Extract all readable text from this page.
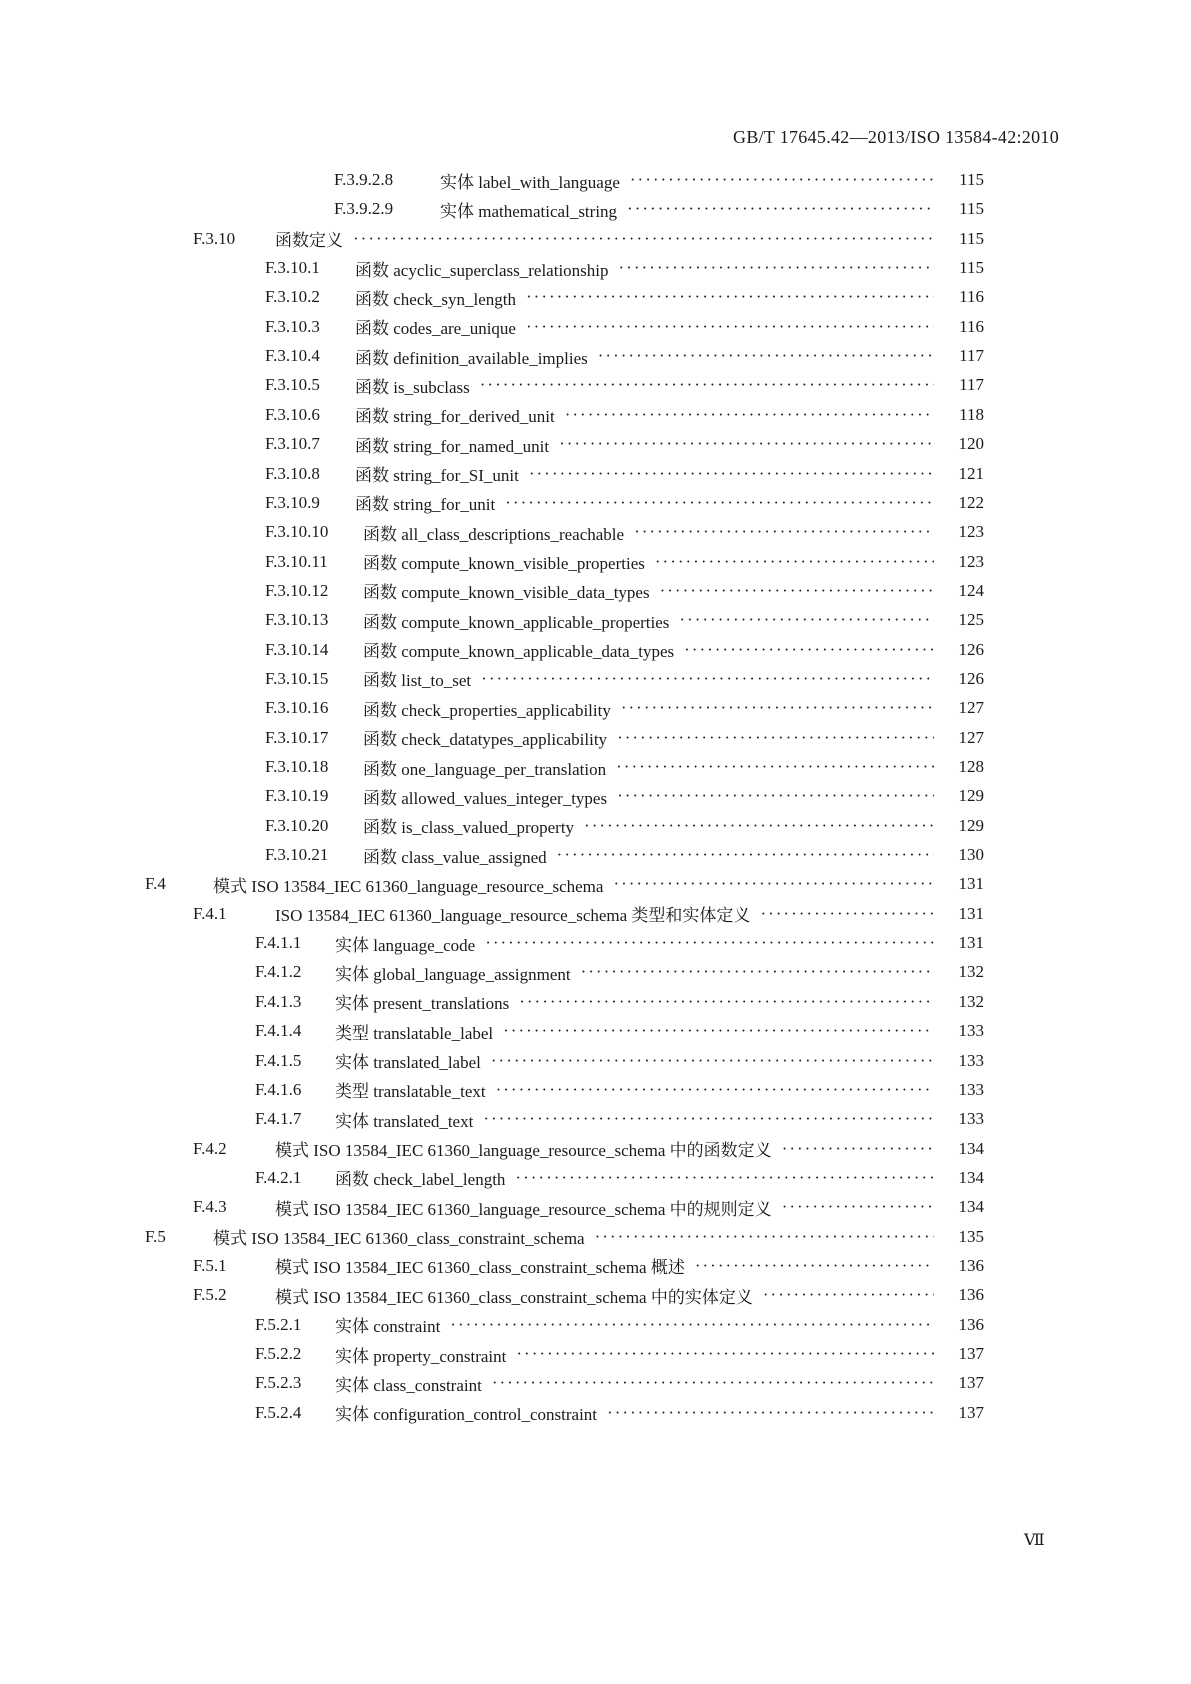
GB/T 17645.42—2013/ISO 13584-42:2010
F.3.9.2.8	实体 label_with_language ·····	115
F.3.9.2.9	实体 mathematical_string ·····	115
F.3.10	函数定义 ·····	115
F.3.10.1	函数 acyclic_superclass_relationship ·····	115
F.3.10.2	函数 check_syn_length ·····	116
F.3.10.3	函数 codes_are_unique ·····	116
F.3.10.4	函数 definition_available_implies ·····	117
F.3.10.5	函数 is_subclass ·····	117
F.3.10.6	函数 string_for_derived_unit ·····	118
F.3.10.7	函数 string_for_named_unit ·····	120
F.3.10.8	函数 string_for_SI_unit ·····	121
F.3.10.9	函数 string_for_unit ·····	122
F.3.10.10	函数 all_class_descriptions_reachable ·····	123
F.3.10.11	函数 compute_known_visible_properties ·····	123
F.3.10.12	函数 compute_known_visible_data_types ·····	124
F.3.10.13	函数 compute_known_applicable_properties ·····	125
F.3.10.14	函数 compute_known_applicable_data_types ·····	126
F.3.10.15	函数 list_to_set ·····	126
F.3.10.16	函数 check_properties_applicability ·····	127
F.3.10.17	函数 check_datatypes_applicability ·····	127
F.3.10.18	函数 one_language_per_translation ·····	128
F.3.10.19	函数 allowed_values_integer_types ·····	129
F.3.10.20	函数 is_class_valued_property ·····	129
F.3.10.21	函数 class_value_assigned ·····	130
F.4	模式 ISO 13584_IEC 61360_language_resource_schema ·····	131
F.4.1	ISO 13584_IEC 61360_language_resource_schema 类型和实体定义 ·····	131
F.4.1.1	实体 language_code ·····	131
F.4.1.2	实体 global_language_assignment ·····	132
F.4.1.3	实体 present_translations ·····	132
F.4.1.4	类型 translatable_label ·····	133
F.4.1.5	实体 translated_label ·····	133
F.4.1.6	类型 translatable_text ·····	133
F.4.1.7	实体 translated_text ·····	133
F.4.2	模式 ISO 13584_IEC 61360_language_resource_schema 中的函数定义 ·····	134
F.4.2.1	函数 check_label_length ·····	134
F.4.3	模式 ISO 13584_IEC 61360_language_resource_schema 中的规则定义 ·····	134
F.5	模式 ISO 13584_IEC 61360_class_constraint_schema ·····	135
F.5.1	模式 ISO 13584_IEC 61360_class_constraint_schema 概述 ·····	136
F.5.2	模式 ISO 13584_IEC 61360_class_constraint_schema 中的实体定义 ·····	136
F.5.2.1	实体 constraint ·····	136
F.5.2.2	实体 property_constraint ·····	137
F.5.2.3	实体 class_constraint ·····	137
F.5.2.4	实体 configuration_control_constraint ·····	137
Ⅶ
